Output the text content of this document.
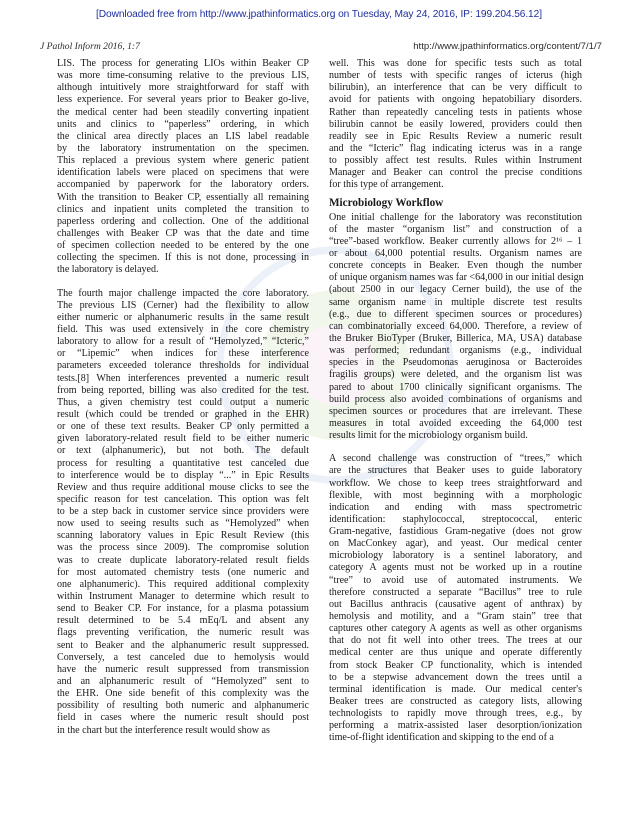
[Downloaded free from http://www.jpathinformatics.org on Tuesday, May 24, 2016, IP: 199.204.56.12]
J Pathol Inform 2016, 1:7	http://www.jpathinformatics.org/content/7/1/7
LIS. The process for generating LIOs within Beaker CP
was more time-consuming relative to the previous LIS,
although intuitively more straightforward for staff with
less experience. For several years prior to Beaker go-live,
the medical center had been steadily converting inpatient
units and clinics to “paperless” ordering, in which
the clinical area directly places an LIS label readable
by the laboratory instrumentation on the specimen.
This replaced a previous system where generic patient
identification labels were placed on specimens that were
accompanied by paperwork for the laboratory orders.
With the transition to Beaker CP, essentially all remaining
clinics and inpatient units completed the transition to
paperless ordering and collection. One of the additional
challenges with Beaker CP was that the date and time
of specimen collection needed to be entered by the one
collecting the specimen. If this is not done, processing in
the laboratory is delayed.
The fourth major challenge impacted the core laboratory.
The previous LIS (Cerner) had the flexibility to allow
either numeric or alphanumeric results in the same result
field. This was used extensively in the core chemistry
laboratory to allow for a result of “Hemolyzed,” “Icteric,”
or “Lipemic” when indices for these interference
parameters exceeded tolerance thresholds for individual
tests.[8] When interferences prevented a numeric result
from being reported, billing was also credited for the test.
Thus, a given chemistry test could output a numeric
result (which could be trended or graphed in the EHR)
or one of these text results. Beaker CP only permitted a
given laboratory-related result field to be either numeric
or text (alphanumeric), but not both. The default
process for resulting a quantitative test canceled due
to interference would be to display “...” in Epic Results
Review and thus require additional mouse clicks to see the
specific reason for test cancelation. This option was felt
to be a step back in customer service since providers were
now used to seeing results such as “Hemolyzed” when
scanning laboratory values in Epic Result Review (this
was the process since 2009). The compromise solution
was to create duplicate laboratory-related result fields
for most automated chemistry tests (one numeric and
one alphanumeric). This required additional complexity
within Instrument Manager to determine which result to
send to Beaker CP. For instance, for a plasma potassium
result determined to be 5.4 mEq/L and absent any
flags preventing verification, the numeric result was
sent to Beaker and the alphanumeric result suppressed.
Conversely, a test canceled due to hemolysis would
have the numeric result suppressed from transmission
and an alphanumeric result of “Hemolyzed” sent to
the EHR. One side benefit of this complexity was the
possibility of resulting both numeric and alphanumeric
field in cases where the numeric result should post
in the chart but the interference result would show as
well. This was done for specific tests such as total
number of tests with specific ranges of icterus (high
bilirubin), an interference that can be very difficult to
avoid for patients with ongoing hepatobiliary disorders.
Rather than repeatedly canceling tests in patients whose
bilirubin cannot be easily lowered, providers could then
readily see in Epic Results Review a numeric result
and the “Icteric” flag indicating icterus was in a range
to possibly affect test results. Rules within Instrument
Manager and Beaker can control the precise conditions
for this type of arrangement.
Microbiology Workflow
One initial challenge for the laboratory was reconstitution
of the master “organism list” and construction of a
“tree”-based workflow. Beaker currently allows for 2¹⁶ – 1
or about 64,000 potential results. Organism names are
concrete concepts in Beaker. Even though the number
of unique organism names was far <64,000 in our initial design
(about 2500 in our legacy Cerner build), the use of the
same organism name in multiple discrete test results
(e.g., due to different specimen sources or procedures)
can combinatorially exceed 64,000. Therefore, a review of
the Bruker BioTyper (Bruker, Billerica, MA, USA) database
was performed; redundant organisms (e.g., individual
species in the Pseudomonas aeruginosa or Bacteroides
fragilis groups) were deleted, and the organism list was
pared to about 1700 clinically significant organisms. The
build process also avoided combinations of organisms and
specimen sources or procedures that are irrelevant. These
measures in total avoided exceeding the 64,000 test
results limit for the microbiology organism build.
A second challenge was construction of “trees,” which
are the structures that Beaker uses to guide laboratory
workflow. We chose to keep trees straightforward and
flexible, with most beginning with a morphologic
indication and ending with mass spectrometric
identification: staphylococcal, streptococcal, enteric
Gram-negative, fastidious Gram-negative (does not grow
on MacConkey agar), and yeast. Our medical center
microbiology laboratory is a sentinel laboratory, and
category A agents must not be worked up in a routine
“tree” to avoid use of automated instruments. We
therefore constructed a separate “Bacillus” tree to rule
out Bacillus anthracis (causative agent of anthrax) by
hemolysis and motility, and a “Gram stain” tree that
captures other category A agents as well as other organisms
that do not fit well into other trees. The trees at our
medical center are thus unique and operate differently
from stock Beaker CP functionality, which is intended
to be a stepwise advancement down the trees until a
terminal identification is made. Our medical center's
Beaker trees are constructed as category lists, allowing
technologists to rapidly move through trees, e.g., by
performing a matrix-assisted laser desorption/ionization
time-of-flight identification and skipping to the end of a
